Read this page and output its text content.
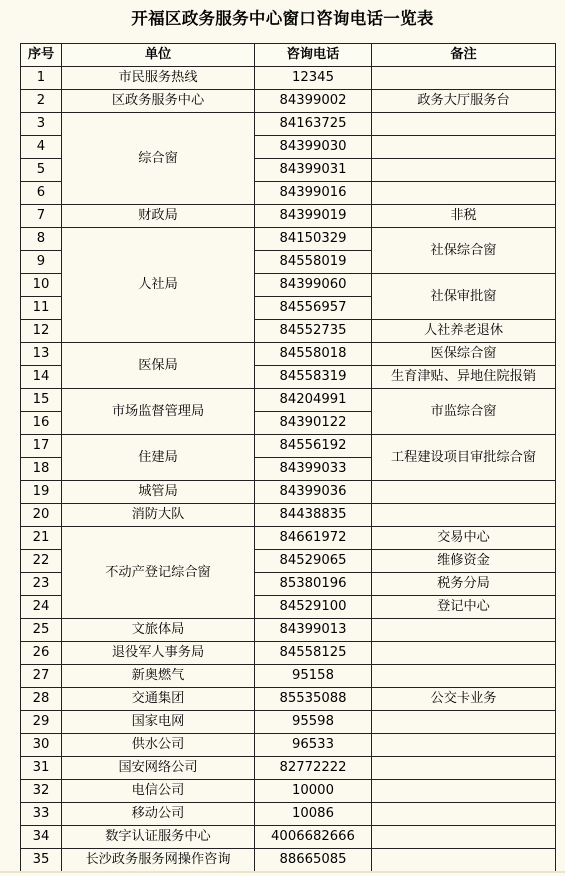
开福区政务服务中心窗口咨询电话一览表
序号	单位	咨询电话	备注
1	市民服务热线	12345	
2	区政务服务中心	84399002	政务大厅服务台
3	综合窗	84163725	
4		84399030	
5		84399031	
6		84399016	
7	财政局	84399019	非税
8	人社局	84150329	社保综合窗
9		84558019	
10		84399060	社保审批窗
11		84556957	
12		84552735	人社养老退休
13	医保局	84558018	医保综合窗
14		84558319	生育津贴、异地住院报销
15	市场监督管理局	84204991	市监综合窗
16		84390122	
17	住建局	84556192	工程建设项目审批综合窗
18		84399033	
19	城管局	84399036	
20	消防大队	84438835	
21	不动产登记综合窗	84661972	交易中心
22		84529065	维修资金
23		85380196	税务分局
24		84529100	登记中心
25	文旅体局	84399013	
26	退役军人事务局	84558125	
27	新奥燃气	95158	
28	交通集团	85535088	公交卡业务
29	国家电网	95598	
30	供水公司	96533	
31	国安网络公司	82772222	
32	电信公司	10000	
33	移动公司	10086	
34	数字认证服务中心	4006682666	
35	长沙政务服务网操作咨询	88665085	
